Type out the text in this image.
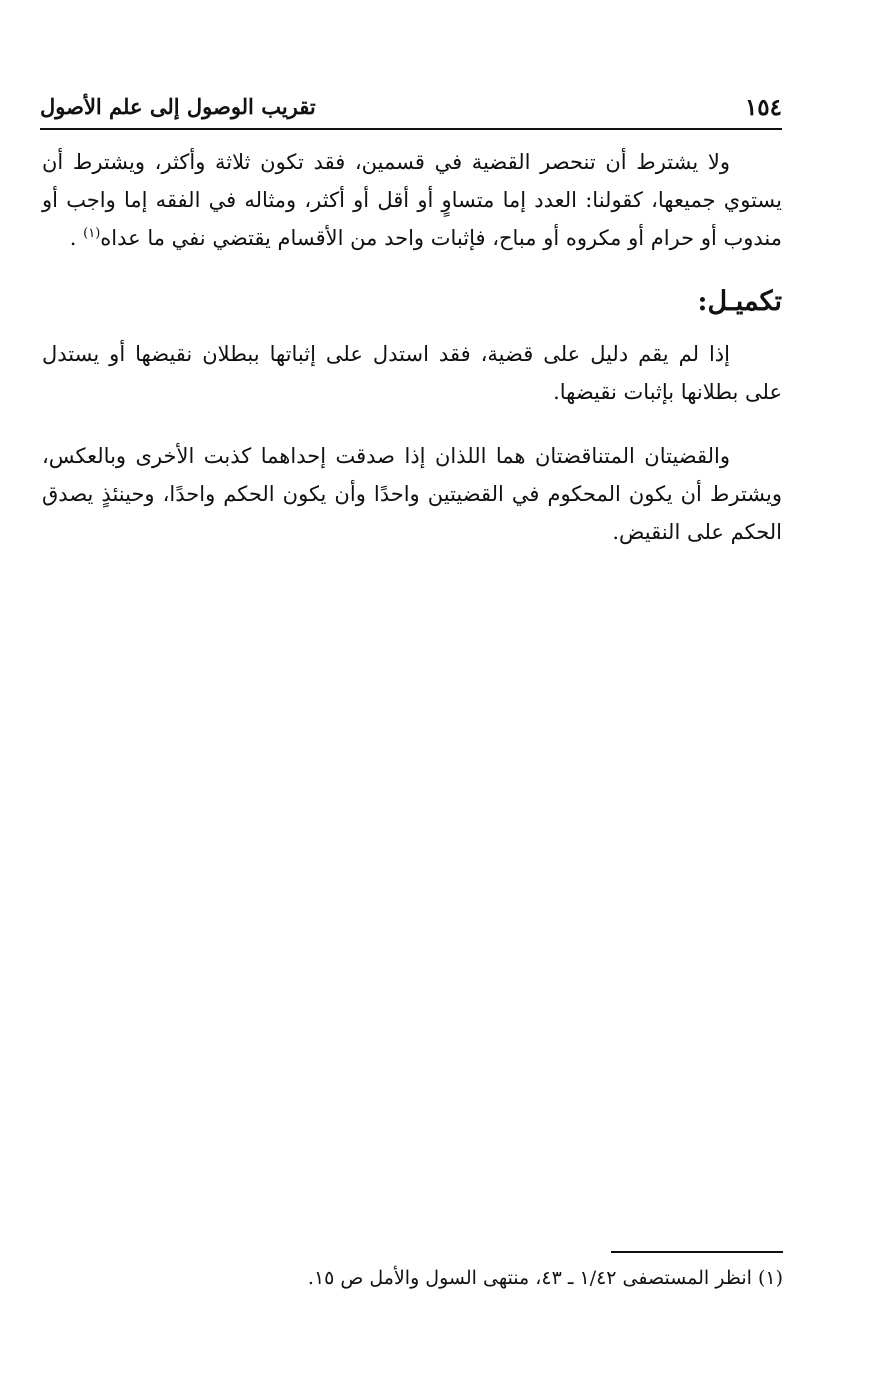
١٥٤
تقريب الوصول إلى علم الأصول

ولا يشترط أن تنحصر القضية في قسمين، فقد تكون ثلاثة وأكثر، ويشترط أن يستوي جميعها، كقولنا: العدد إما متساوٍ أو أقل أو أكثر، ومثاله في الفقه إما واجب أو مندوب أو حرام أو مكروه أو مباح، فإثبات واحد من الأقسام يقتضي نفي ما عداه$^{(١)}$ .

تكميـل:

إذا لم يقم دليل على قضية، فقد استدل على إثباتها ببطلان نقيضها أو يستدل على بطلانها بإثبات نقيضها.

والقضيتان المتناقضتان هما اللذان إذا صدقت إحداهما كذبت الأخرى وبالعكس، ويشترط أن يكون المحكوم في القضيتين واحدًا وأن يكون الحكم واحدًا، وحينئذٍ يصدق الحكم على النقيض.

(١) انظر المستصفى ١/٤٢ ـ ٤٣، منتهى السول والأمل ص ١٥.
